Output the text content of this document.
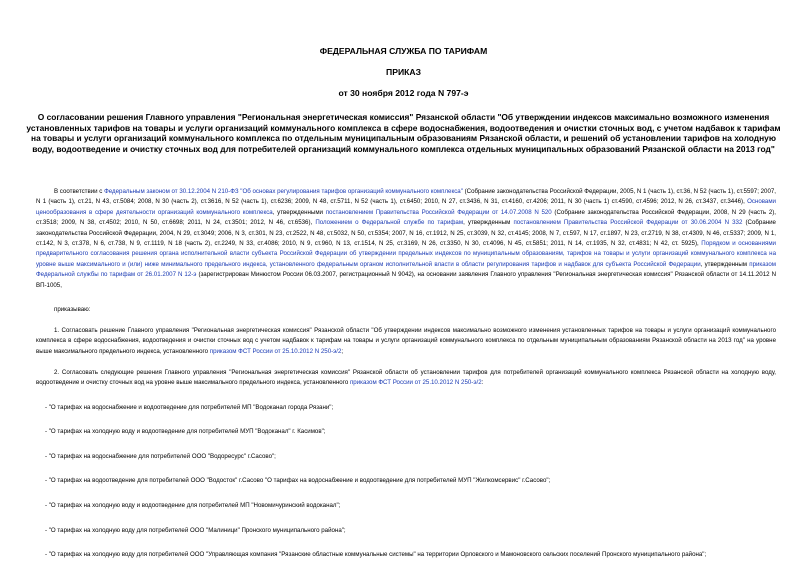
ФЕДЕРАЛЬНАЯ СЛУЖБА ПО ТАРИФАМ
ПРИКАЗ
от 30 ноября 2012 года N 797-э
О согласовании решения Главного управления "Региональная энергетическая комиссия" Рязанской области "Об утверждении индексов максимально возможного изменения установленных тарифов на товары и услуги организаций коммунального комплекса в сфере водоснабжения, водоотведения и очистки сточных вод, с учетом надбавок к тарифам на товары и услуги организаций коммунального комплекса по отдельным муниципальным образованиям Рязанской области, и решений об установлении тарифов на холодную воду, водоотведение и очистку сточных вод для потребителей организаций коммунального комплекса отдельных муниципальных образований Рязанской области на 2013 год"

В соответствии с Федеральным законом от 30.12.2004 N 210-ФЗ "Об основах регулирования тарифов организаций коммунального комплекса" (Собрание законодательства Российской Федерации, 2005, N 1 (часть 1), ст.36, N 52 (часть 1), ст.5597; 2007, N 1 (часть 1), ст.21, N 43, ст.5084; 2008, N 30 (часть 2), ст.3616, N 52 (часть 1), ст.6236; 2009, N 48, ст.5711, N 52 (часть 1), ст.6450; 2010, N 27, ст.3436, N 31, ст.4160, ст.4206; 2011, N 30 (часть 1) ст.4590, ст.4596; 2012, N 26, ст.3437, ст.3446), Основами ценообразования в сфере деятельности организаций коммунального комплекса, утвержденными постановлением Правительства Российской Федерации от 14.07.2008 N 520 (Собрание законодательства Российской Федерации, 2008, N 29 (часть 2), ст.3518; 2009, N 38, ст.4502; 2010, N 50, ст.6698; 2011, N 24, ст.3501; 2012, N 46, ст.6536), Положением о Федеральной службе по тарифам, утвержденным постановлением Правительства Российской Федерации от 30.06.2004 N 332 (Собрание законодательства Российской Федерации, 2004, N 29, ст.3049; 2006, N 3, ст.301, N 23, ст.2522, N 48, ст.5032, N 50, ст.5354; 2007, N 16, ст.1912, N 25, ст.3039, N 32, ст.4145; 2008, N 7, ст.597, N 17, ст.1897, N 23, ст.2719, N 38, ст.4309, N 46, ст.5337; 2009, N 1, ст.142, N 3, ст.378, N 6, ст.738, N 9, ст.1119, N 18 (часть 2), ст.2249, N 33, ст.4086; 2010, N 9, ст.960, N 13, ст.1514, N 25, ст.3169, N 26, ст.3350, N 30, ст.4096, N 45, ст.5851; 2011, N 14, ст.1935, N 32, ст.4831; N 42, ст. 5925), Порядком и основаниями предварительного согласования решения органа исполнительной власти субъекта Российской Федерации об утверждении предельных индексов по муниципальным образованиям, тарифов на товары и услуги организаций коммунального комплекса на уровне выше максимального и (или) ниже минимального предельного индекса, установленного федеральным органом исполнительной власти в области регулирования тарифов и надбавок для субъекта Российской Федерации, утвержденным приказом Федеральной службы по тарифам от 26.01.2007 N 12-э (зарегистрирован Минюстом России 06.03.2007, регистрационный N 9042), на основании заявления Главного управления "Региональная энергетическая комиссия" Рязанской области от 14.11.2012 N ВП-1005,

приказываю:

1. Согласовать решение Главного управления "Региональная энергетическая комиссия" Рязанской области "Об утверждении индексов максимально возможного изменения установленных тарифов на товары и услуги организаций коммунального комплекса в сфере водоснабжения, водоотведения и очистки сточных вод с учетом надбавок к тарифам на товары и услуги организаций коммунального комплекса по отдельным муниципальным образованиям Рязанской области на 2013 год" на уровне выше максимального предельного индекса, установленного приказом ФСТ России от 25.10.2012 N 250-э/2;

2. Согласовать следующие решения Главного управления "Региональная энергетическая комиссия" Рязанской области об установлении тарифов для потребителей организаций коммунального комплекса Рязанской области на холодную воду, водоотведение и очистку сточных вод на уровне выше максимального предельного индекса, установленного приказом ФСТ России от 25.10.2012 N 250-э/2:

- "О тарифах на водоснабжение и водоотведение для потребителей МП "Водоканал города Рязани";

- "О тарифах на холодную воду и водоотведение для потребителей МУП "Водоканал" г. Касимов";

- "О тарифах на водоснабжение для потребителей ООО "Водоресурс" г.Сасово";

- "О тарифах на водоотведение для потребителей ООО "Водосток" г.Сасово "О тарифах на водоснабжение и водоотведение для потребителей МУП "Жилкомсервис" г.Сасово";

- "О тарифах на холодную воду и водоотведение для потребителей МП "Новомичуринский водоканал";

- "О тарифах на холодную воду для потребителей ООО "Малиници" Пронского муниципального района";

- "О тарифах на холодную воду для потребителей ООО "Управляющая компания "Рязанские областные коммунальные системы" на территории Орловского и Мамоновского сельских поселений Пронского муниципального района";
